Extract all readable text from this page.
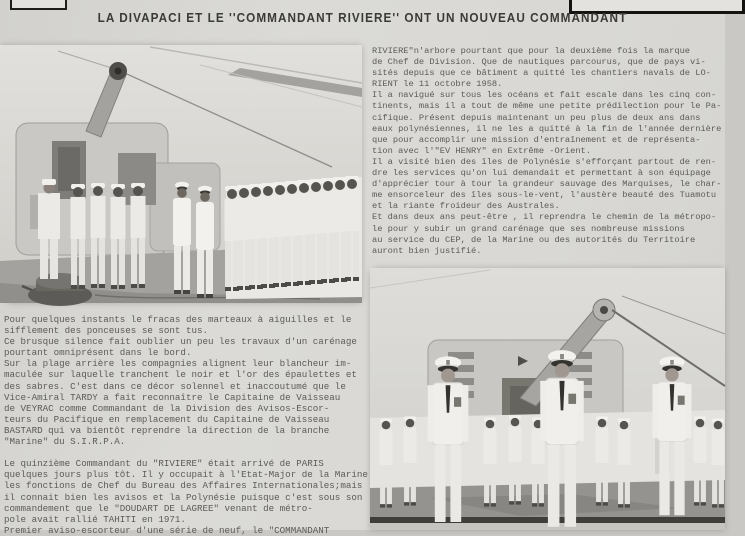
LA DIVAPACI ET LE ''COMMANDANT RIVIERE'' ONT UN NOUVEAU COMMANDANT
Pour quelques instants le fracas des marteaux à aiguilles et le
sifflement des ponceuses se sont tus.
Ce brusque silence fait oublier un peu les travaux d'un carénage
pourtant omniprésent dans le bord.
Sur la plage arrière les compagnies alignent leur blancheur im-
maculée sur laquelle tranchent le noir et l'or des épaulettes et
des sabres. C'est dans ce décor solennel et inaccoutumé que le
Vice-Amiral TARDY a fait reconnaître le Capitaine de Vaisseau
de VEYRAC comme Commandant de la Division des Avisos-Escor-
teurs du Pacifique en remplacement du Capitaine de Vaisseau
BASTARD qui va bientôt reprendre la direction de la branche
"Marine" du S.I.R.P.A.

Le quinzième Commandant du "RIVIERE" était arrivé de PARIS
quelques jours plus tôt. Il y occupait à l'Etat-Major de la Marine
les fonctions de Chef du Bureau des Affaires Internationales;mais
il connait bien les avisos et la Polynésie puisque c'est sous son
commandement que le "DOUDART DE LAGREE" venant de métro-
pole avait rallié TAHITI en 1971.
Premier aviso-escorteur d'une série de neuf, le "COMMANDANT
RIVIERE"n'arbore pourtant que pour la deuxième fois la marque
de Chef de Division. Que de nautiques parcourus, que de pays vi-
sités depuis que ce bâtiment a quitté les chantiers navals de LO-
RIENT le 11 octobre 1958.
Il a navigué sur tous les océans et fait escale dans les cinq con-
tinents, mais il a tout de même une petite prédilection pour le Pa-
cifique. Présent depuis maintenant un peu plus de deux ans dans
eaux polynésiennes, il ne les a quitté à la fin de l'année dernière
que pour accomplir une mission d'entraînement et de représenta-
tion avec l'"EV HENRY" en Extrême -Orient.
Il a visité bien des îles de Polynésie s'efforçant partout de ren-
dre les services qu'on lui demandait et permettant à son équipage
d'apprécier tour à tour la grandeur sauvage des Marquises, le char-
me ensorceleur des îles sous-le-vent, l'austère beauté des Tuamotu
et la riante froideur des Australes.
Et dans deux ans peut-être , il reprendra le chemin de la métropo-
le pour y subir un grand carénage que ses nombreuse missions
au service du CEP, de la Marine ou des autorités du Territoire
auront bien justifié.
